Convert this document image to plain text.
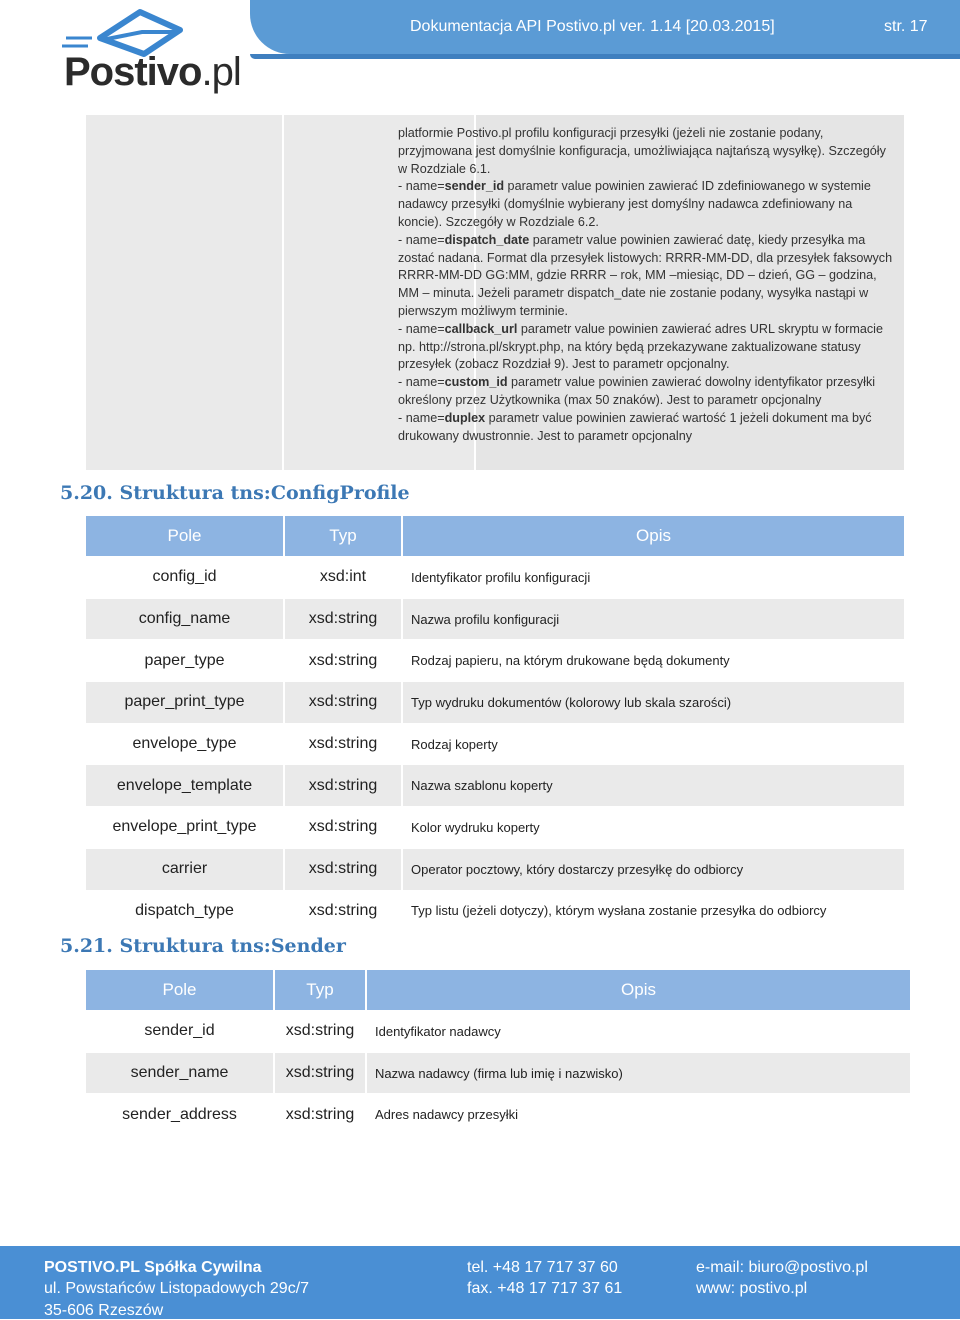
Dokumentacja API Postivo.pl ver. 1.14 [20.03.2015]	str. 17
Postivo.pl

platformie Postivo.pl profilu konfiguracji przesyłki (jeżeli nie zostanie podany, przyjmowana jest domyślnie konfiguracja, umożliwiająca najtańszą wysyłkę). Szczegóły w Rozdziale 6.1.

- name=sender_id parametr value powinien zawierać ID zdefiniowanego w systemie nadawcy przesyłki (domyślnie wybierany jest domyślny nadawca zdefiniowany na koncie). Szczegóły w Rozdziale 6.2.

- name=dispatch_date parametr value powinien zawierać datę, kiedy przesyłka ma zostać nadana. Format dla przesyłek listowych: RRRR-MM-DD, dla przesyłek faksowych RRRR-MM-DD GG:MM, gdzie RRRR – rok, MM –miesiąc, DD – dzień, GG – godzina, MM – minuta. Jeżeli parametr dispatch_date nie zostanie podany, wysyłka nastąpi w pierwszym możliwym terminie.

- name=callback_url parametr value powinien zawierać adres URL skryptu w formacie np. http://strona.pl/skrypt.php, na który będą przekazywane zaktualizowane statusy przesyłek (zobacz Rozdział 9). Jest to parametr opcjonalny.

- name=custom_id parametr value powinien zawierać dowolny identyfikator przesyłki określony przez Użytkownika (max 50 znaków). Jest to parametr opcjonalny

- name=duplex parametr value powinien zawierać wartość 1 jeżeli dokument ma być drukowany dwustronnie. Jest to parametr opcjonalny

5.20. Struktura tns:ConfigProfile
Pole	Typ	Opis
config_id	xsd:int	Identyfikator profilu konfiguracji
config_name	xsd:string	Nazwa profilu konfiguracji
paper_type	xsd:string	Rodzaj papieru, na którym drukowane będą dokumenty
paper_print_type	xsd:string	Typ wydruku dokumentów (kolorowy lub skala szarości)
envelope_type	xsd:string	Rodzaj koperty
envelope_template	xsd:string	Nazwa szablonu koperty
envelope_print_type	xsd:string	Kolor wydruku koperty
carrier	xsd:string	Operator pocztowy, który dostarczy przesyłkę do odbiorcy
dispatch_type	xsd:string	Typ listu (jeżeli dotyczy), którym wysłana zostanie przesyłka do odbiorcy
5.21. Struktura tns:Sender
Pole	Typ	Opis
sender_id	xsd:string	Identyfikator nadawcy
sender_name	xsd:string	Nazwa nadawcy (firma lub imię i nazwisko)
sender_address	xsd:string	Adres nadawcy przesyłki
POSTIVO.PL Spółka Cywilna
ul. Powstańców Listopadowych 29c/7
35-606 Rzeszów
tel. +48 17 717 37 60
fax. +48 17 717 37 61
e-mail: biuro@postivo.pl
www: postivo.pl
